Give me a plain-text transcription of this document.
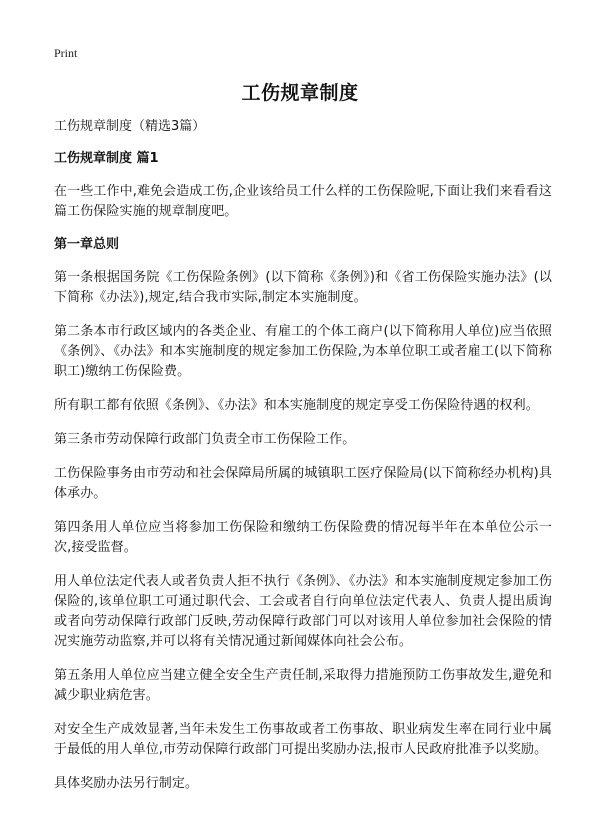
Print
工伤规章制度
工伤规章制度（精选3篇）
工伤规章制度 篇1
在一些工作中,难免会造成工伤,企业该给员工什么样的工伤保险呢,下面让我们来看看这篇工伤保险实施的规章制度吧。
第一章总则
第一条根据国务院《工伤保险条例》(以下简称《条例》)和《省工伤保险实施办法》(以下简称《办法》),规定,结合我市实际,制定本实施制度。
第二条本市行政区域内的各类企业、有雇工的个体工商户(以下简称用人单位)应当依照《条例》、《办法》和本实施制度的规定参加工伤保险,为本单位职工或者雇工(以下简称职工)缴纳工伤保险费。
所有职工都有依照《条例》、《办法》和本实施制度的规定享受工伤保险待遇的权利。
第三条市劳动保障行政部门负责全市工伤保险工作。
工伤保险事务由市劳动和社会保障局所属的城镇职工医疗保险局(以下简称经办机构)具体承办。
第四条用人单位应当将参加工伤保险和缴纳工伤保险费的情况每半年在本单位公示一次,接受监督。
用人单位法定代表人或者负责人拒不执行《条例》、《办法》和本实施制度规定参加工伤保险的,该单位职工可通过职代会、工会或者自行向单位法定代表人、负责人提出质询或者向劳动保障行政部门反映,劳动保障行政部门可以对该用人单位参加社会保险的情况实施劳动监察,并可以将有关情况通过新闻媒体向社会公布。
第五条用人单位应当建立健全安全生产责任制,采取得力措施预防工伤事故发生,避免和减少职业病危害。
对安全生产成效显著,当年未发生工伤事故或者工伤事故、职业病发生率在同行业中属于最低的用人单位,市劳动保障行政部门可提出奖励办法,报市人民政府批准予以奖励。
具体奖励办法另行制定。
